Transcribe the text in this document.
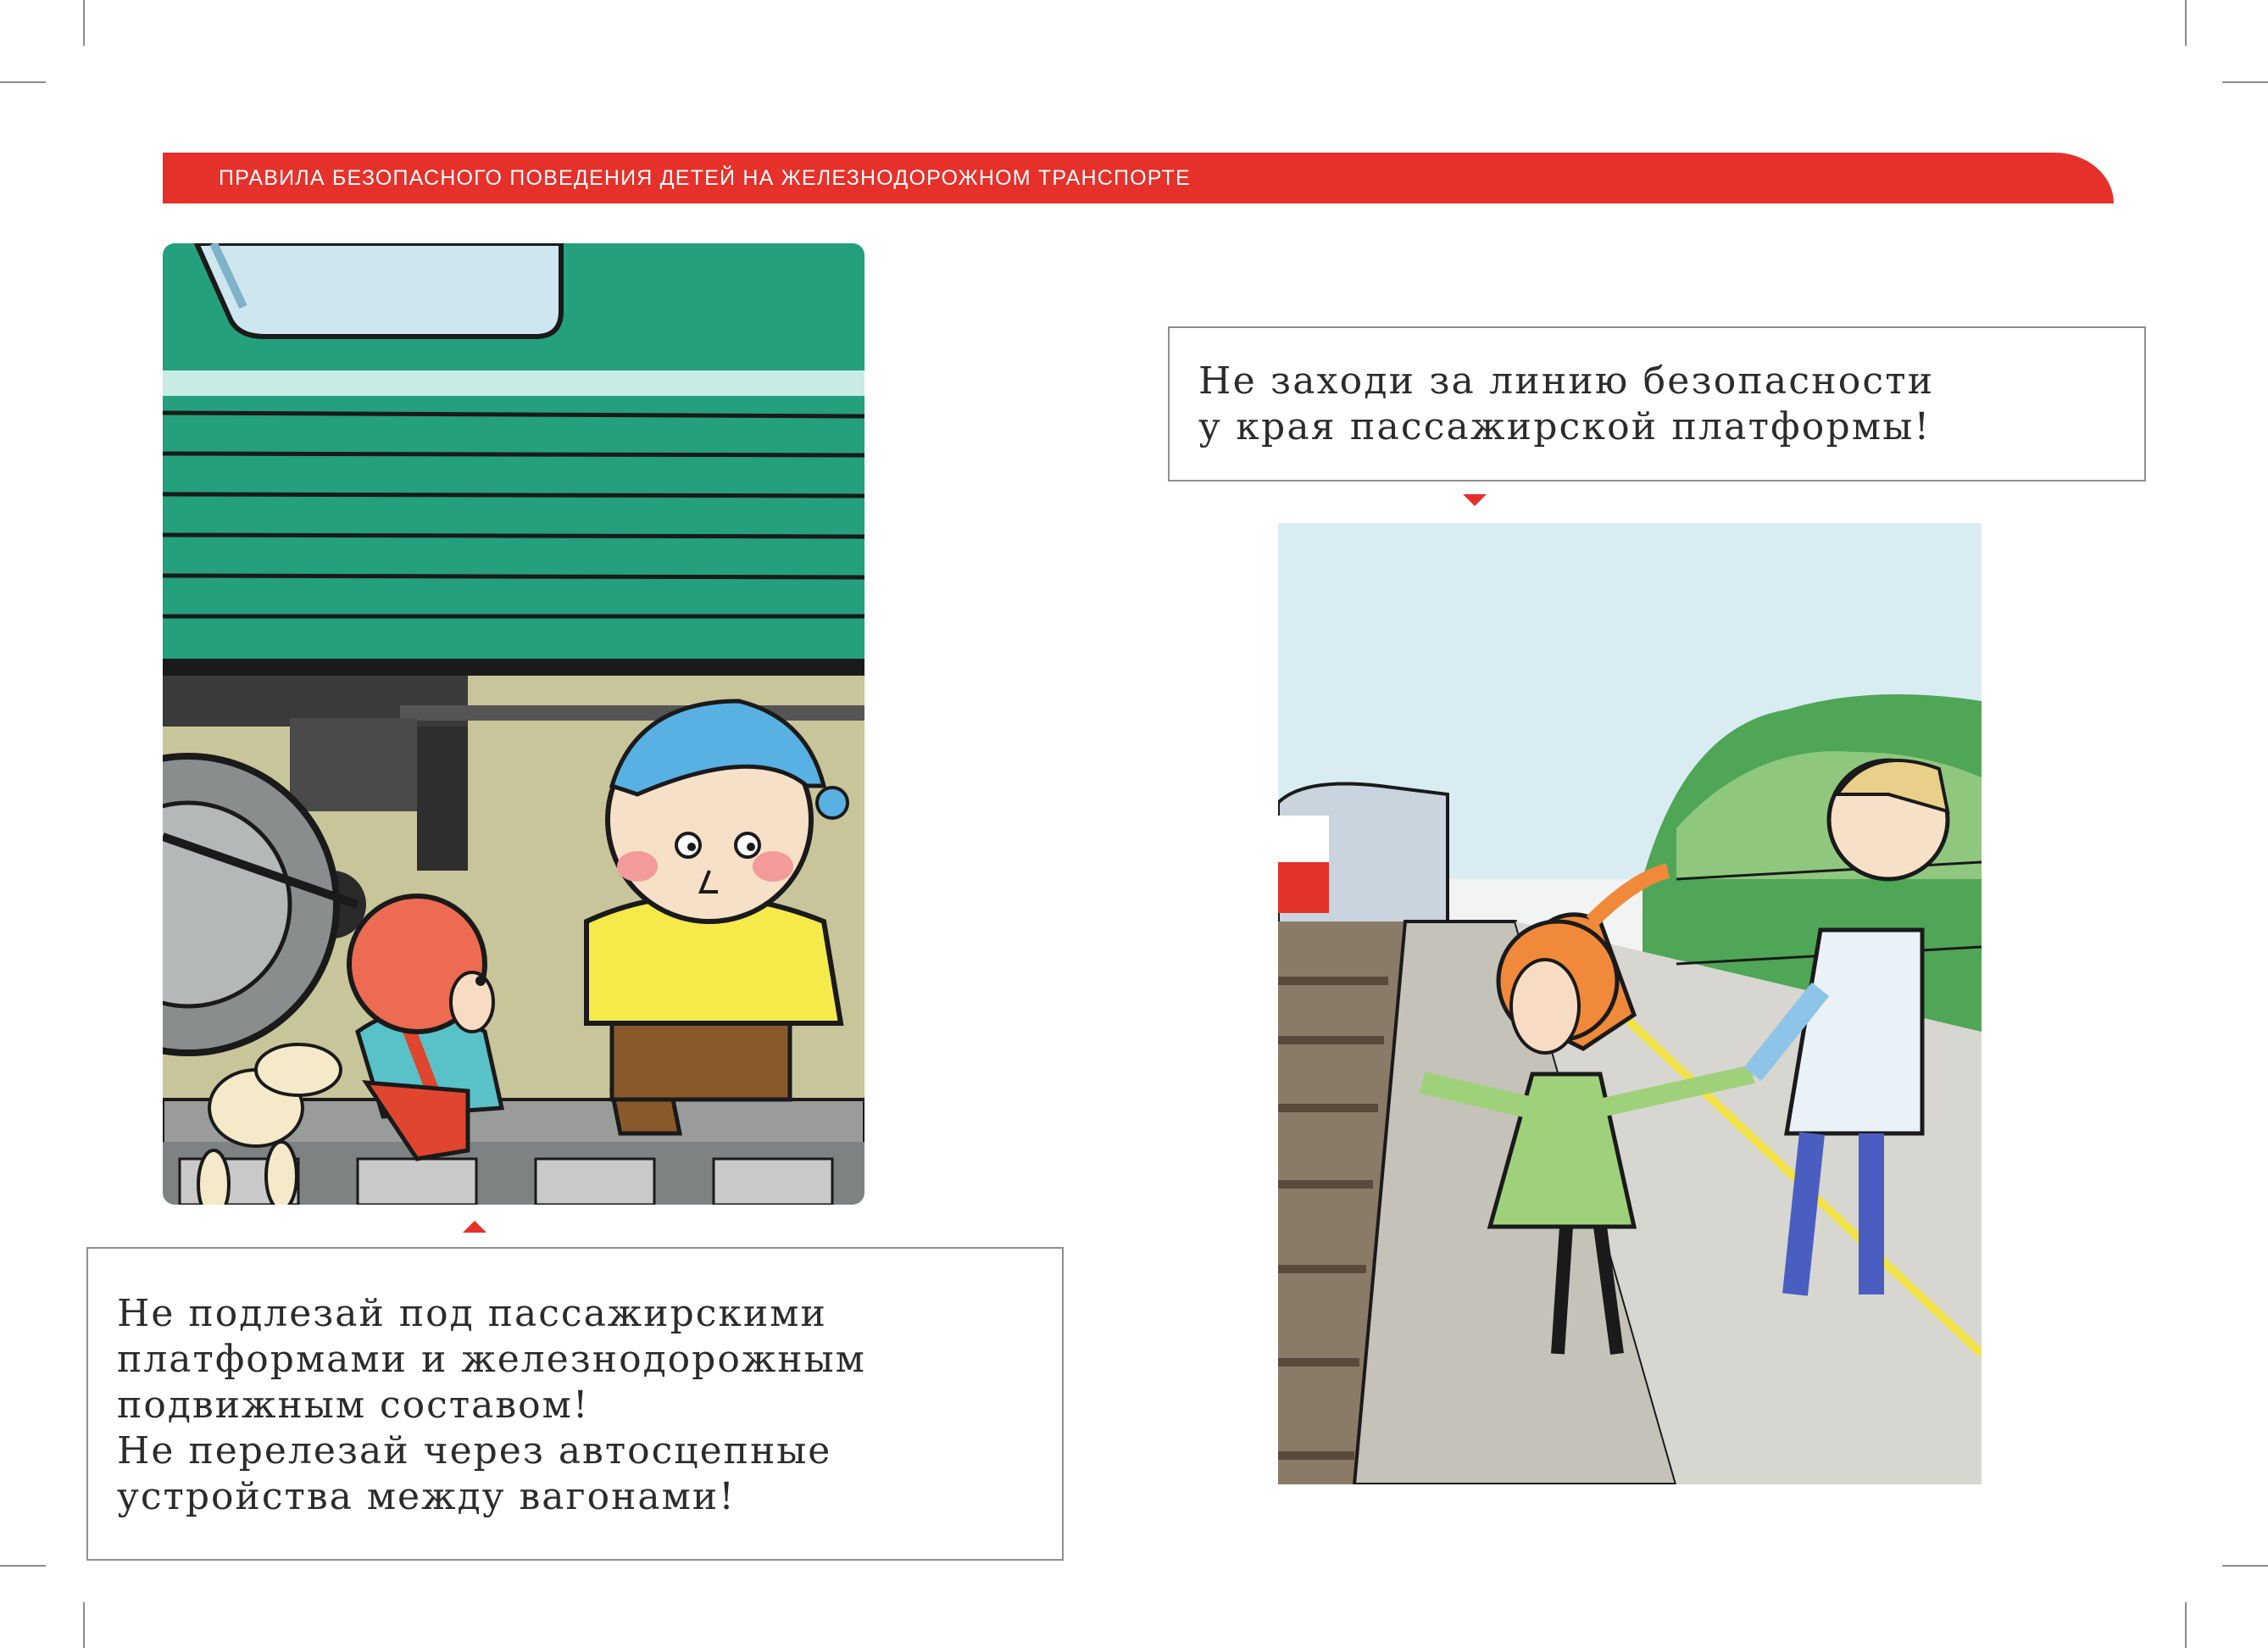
ПРАВИЛА БЕЗОПАСНОГО ПОВЕДЕНИЯ ДЕТЕЙ НА ЖЕЛЕЗНОДОРОЖНОМ ТРАНСПОРТЕ

Не заходи за линию безопасности

у края пассажирской платформы!

Не подлезай под пассажирскими

платформами и железнодорожным

подвижным составом!

Не перелезай через автосцепные

устройства между вагонами!
